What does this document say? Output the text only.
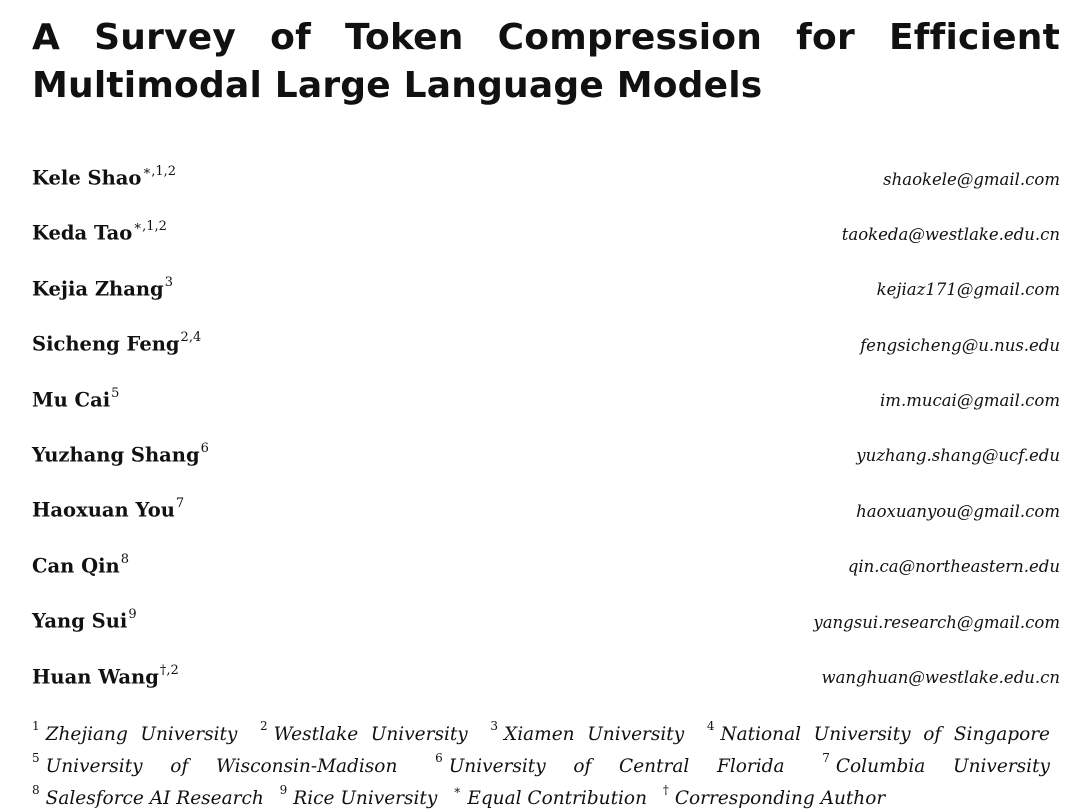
A Survey of Token Compression for Efficient Multimodal Large Language Models
Kele Shao$^{∗,1,2}$	shaokele@gmail.com
Keda Tao$^{∗,1,2}$	taokeda@westlake.edu.cn
Kejia Zhang$^3$	kejiaz171@gmail.com
Sicheng Feng$^{2,4}$	fengsicheng@u.nus.edu
Mu Cai$^5$	im.mucai@gmail.com
Yuzhang Shang$^6$	yuzhang.shang@ucf.edu
Haoxuan You$^7$	haoxuanyou@gmail.com
Can Qin$^8$	qin.ca@northeastern.edu
Yang Sui$^9$	yangsui.research@gmail.com
Huan Wang$^{\dagger,2}$	wanghuan@westlake.edu.cn
$^1$ Zhejiang University $^2$ Westlake University $^3$ Xiamen University $^4$ National University of Singapore $^5$ University of Wisconsin-Madison	$^6$ University of Central Florida	$^7$ Columbia University $^8$ Salesforce AI Research $^9$ Rice University ∗ Equal Contribution † Corresponding Author
